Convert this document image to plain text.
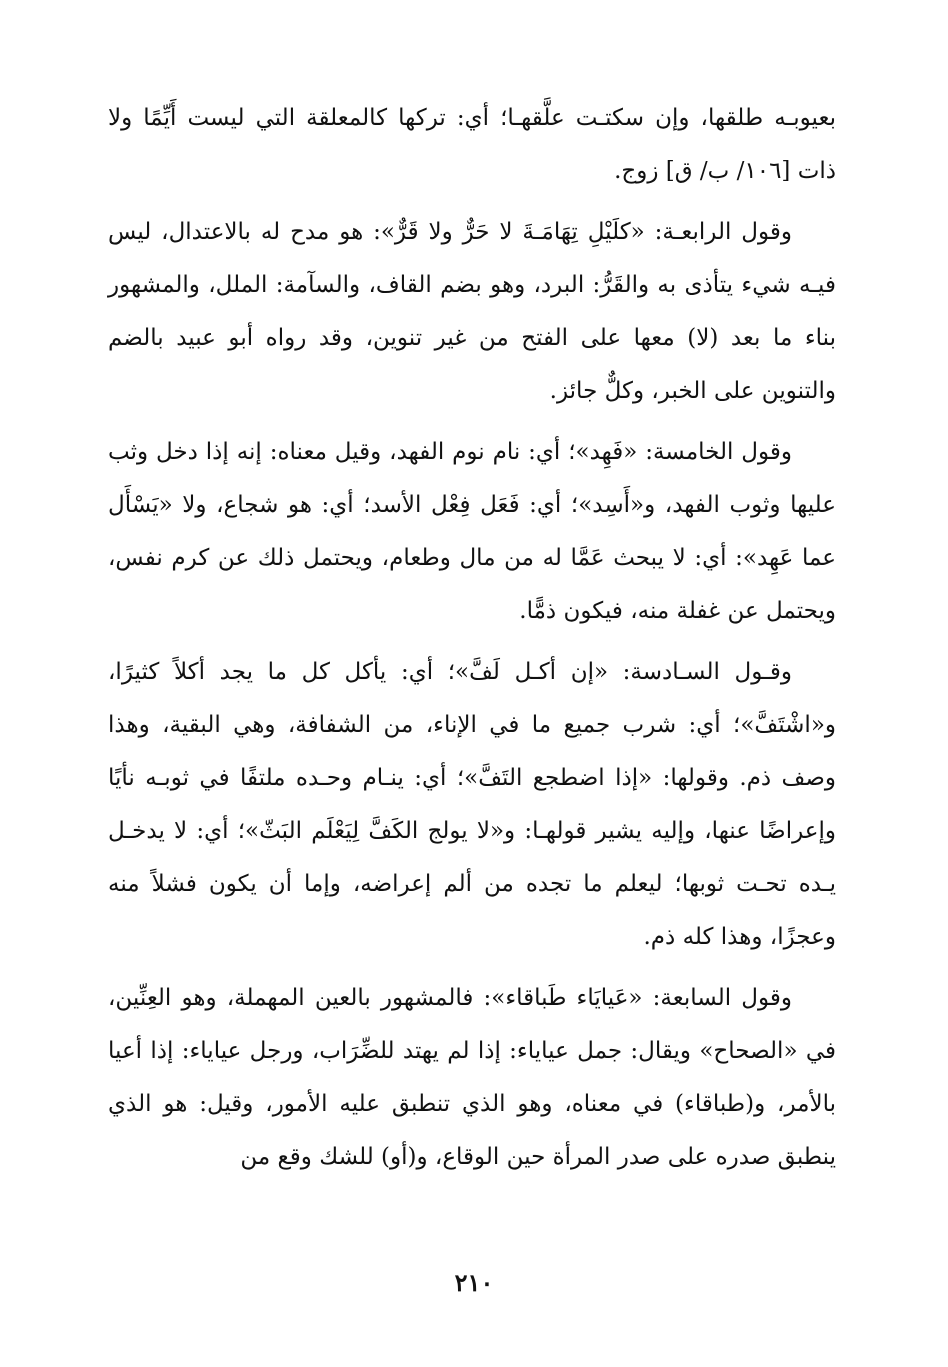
بعيوبـه طلقها، وإن سكتـت علَّقهـا؛ أي: تركها كالمعلقة التي ليست أَيِّمًا ولا ذات [١٠٦/ ب/ ق] زوج.

وقول الرابعـة: «كلَيْلِ تِهَامَـةَ لا حَرٌّ ولا قَرٌّ»: هو مدح له بالاعتدال، ليس فيـه شيء يتأذى به والقَرُّ: البرد، وهو بضم القاف، والسآمة: الملل، والمشهور بناء ما بعد (لا) معها على الفتح من غير تنوين، وقد رواه أبو عبيد بالضم والتنوين على الخبر، وكلٌّ جائز.

وقول الخامسة: «فَهِد»؛ أي: نام نوم الفهد، وقيل معناه: إنه إذا دخل وثب عليها وثوب الفهد، و«أَسِد»؛ أي: فَعَل فِعْل الأسد؛ أي: هو شجاع، ولا «يَسْأَل عما عَهِد»: أي: لا يبحث عَمَّا له من مال وطعام، ويحتمل ذلك عن كرم نفس، ويحتمل عن غفلة منه، فيكون ذمًّا.

وقـول السـادسة: «إن أكـل لَفَّ»؛ أي: يأكل كل ما يجد أكلاً كثيرًا، و«اشْتَفَّ»؛ أي: شرب جميع ما في الإناء، من الشفافة، وهي البقية، وهذا وصف ذم. وقولها: «إذا اضطجع التَفَّ»؛ أي: ينـام وحـده ملتفًا في ثوبـه نأيًا وإعراضًا عنها، وإليه يشير قولهـا: و«لا يولج الكَفَّ لِيَعْلَم البَثّ»؛ أي: لا يدخـل يـده تحـت ثوبها؛ ليعلم ما تجده من ألم إعراضه، وإما أن يكون فشلاً منه وعجزًا، وهذا كله ذم.

وقول السابعة: «عَيايَاء طَباقاء»: فالمشهور بالعين المهملة، وهو العِنِّين، في «الصحاح» ويقال: جمل عياياء: إذا لم يهتد للضِّرَاب، ورجل عياياء: إذا أعيا بالأمر، و(طباقاء) في معناه، وهو الذي تنطبق عليه الأمور، وقيل: هو الذي ينطبق صدره على صدر المرأة حين الوقاع، و(أو) للشك وقع من

٢١٠
